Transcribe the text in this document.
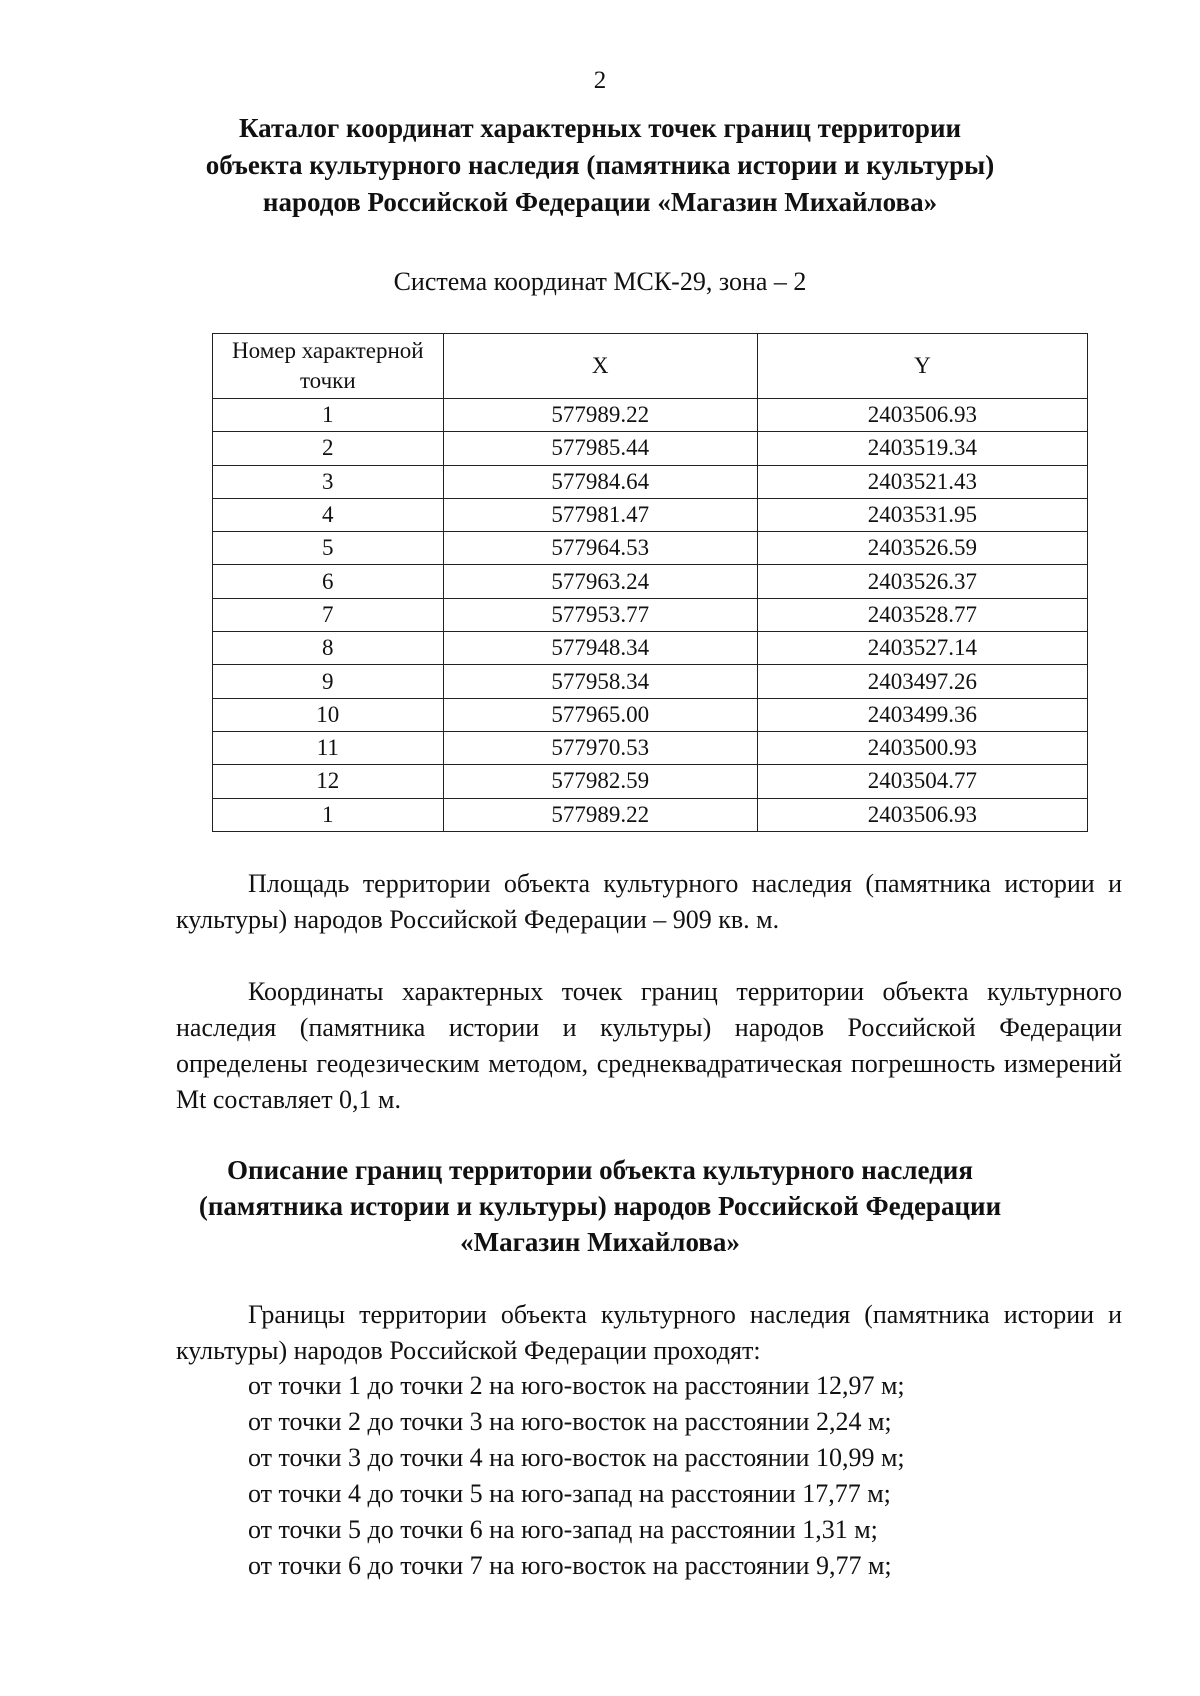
2
Каталог координат характерных точек границ территории
объекта культурного наследия (памятника истории и культуры)
народов Российской Федерации «Магазин Михайлова»
Система координат МСК-29, зона – 2
Номер характерной точки	X	Y
1	577989.22	2403506.93
2	577985.44	2403519.34
3	577984.64	2403521.43
4	577981.47	2403531.95
5	577964.53	2403526.59
6	577963.24	2403526.37
7	577953.77	2403528.77
8	577948.34	2403527.14
9	577958.34	2403497.26
10	577965.00	2403499.36
11	577970.53	2403500.93
12	577982.59	2403504.77
1	577989.22	2403506.93

Площадь территории объекта культурного наследия (памятника истории и культуры) народов Российской Федерации – 909 кв. м.

Координаты характерных точек границ территории объекта культурного наследия (памятника истории и культуры) народов Российской Федерации определены геодезическим методом, среднеквадратическая погрешность измерений Mt составляет 0,1 м.

Описание границ территории объекта культурного наследия
(памятника истории и культуры) народов Российской Федерации
«Магазин Михайлова»

Границы территории объекта культурного наследия (памятника истории и культуры) народов Российской Федерации проходят:

от точки 1 до точки 2 на юго-восток на расстоянии 12,97 м;
от точки 2 до точки 3 на юго-восток на расстоянии 2,24 м;
от точки 3 до точки 4 на юго-восток на расстоянии 10,99 м;
от точки 4 до точки 5 на юго-запад на расстоянии 17,77 м;
от точки 5 до точки 6 на юго-запад на расстоянии 1,31 м;
от точки 6 до точки 7 на юго-восток на расстоянии 9,77 м;
